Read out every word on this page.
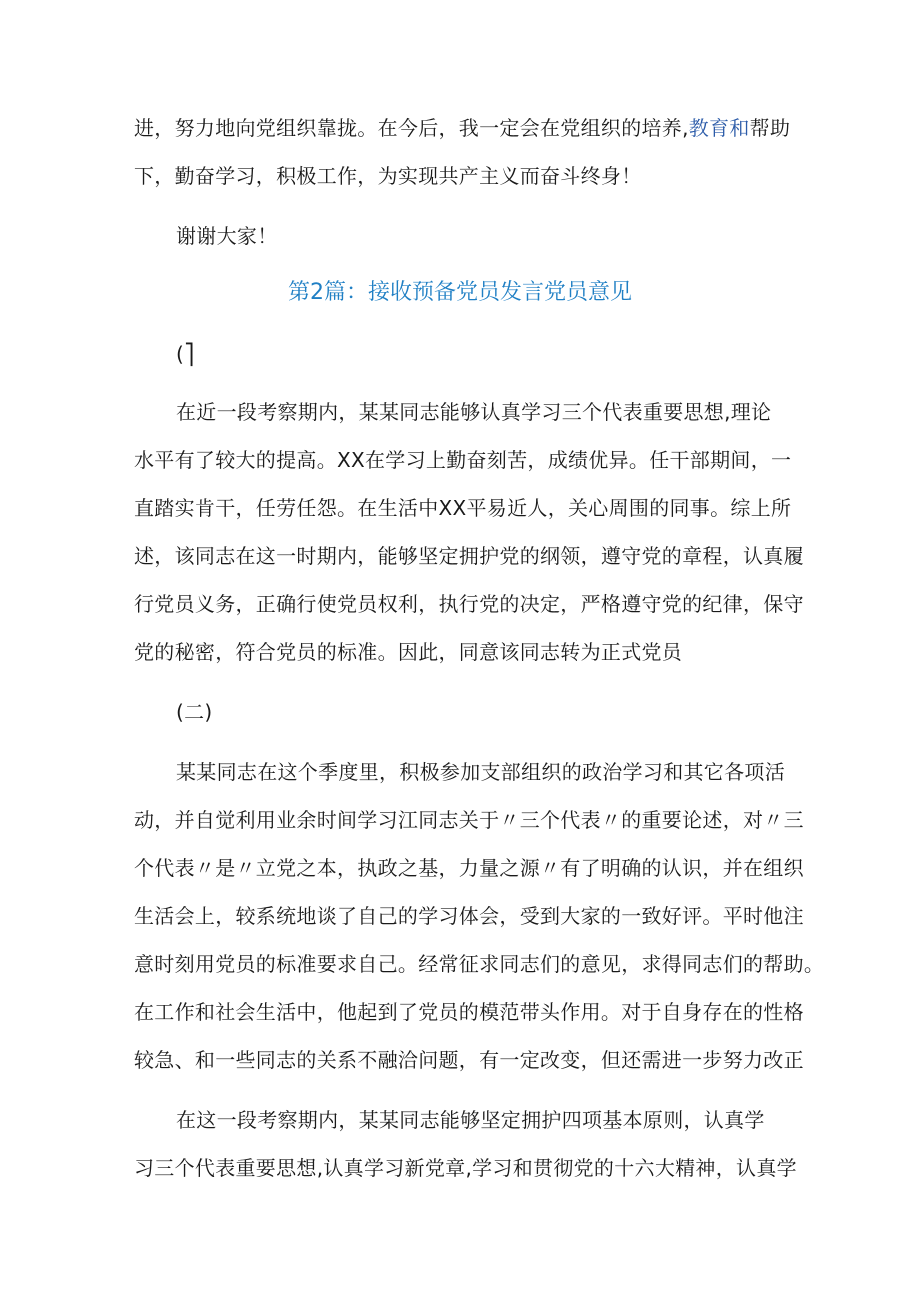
进，努力地向党组织靠拢。在今后，我一定会在党组织的培养,教育和帮助
下，勤奋学习，积极工作，为实现共产主义而奋斗终身！
谢谢大家！
第2篇：接收预备党员发言党员意见
(⎤
在近一段考察期内，某某同志能够认真学习三个代表重要思想,理论
水平有了较大的提高。XX在学习上勤奋刻苦，成绩优异。任干部期间，一
直踏实肯干，任劳任怨。在生活中XX平易近人，关心周围的同事。综上所
述，该同志在这一时期内，能够坚定拥护党的纲领，遵守党的章程，认真履
行党员义务，正确行使党员权利，执行党的决定，严格遵守党的纪律，保守
党的秘密，符合党员的标准。因此，同意该同志转为正式党员
(二)
某某同志在这个季度里，积极参加支部组织的政治学习和其它各项活
动，并自觉利用业余时间学习江同志关于〃三个代表〃的重要论述，对〃三
个代表〃是〃立党之本，执政之基，力量之源〃有了明确的认识，并在组织
生活会上，较系统地谈了自己的学习体会，受到大家的一致好评。平时他注
意时刻用党员的标准要求自己。经常征求同志们的意见，求得同志们的帮助。
在工作和社会生活中，他起到了党员的模范带头作用。对于自身存在的性格
较急、和一些同志的关系不融洽问题，有一定改变，但还需进一步努力改正
在这一段考察期内，某某同志能够坚定拥护四项基本原则，认真学
习三个代表重要思想,认真学习新党章,学习和贯彻党的十六大精神，认真学
